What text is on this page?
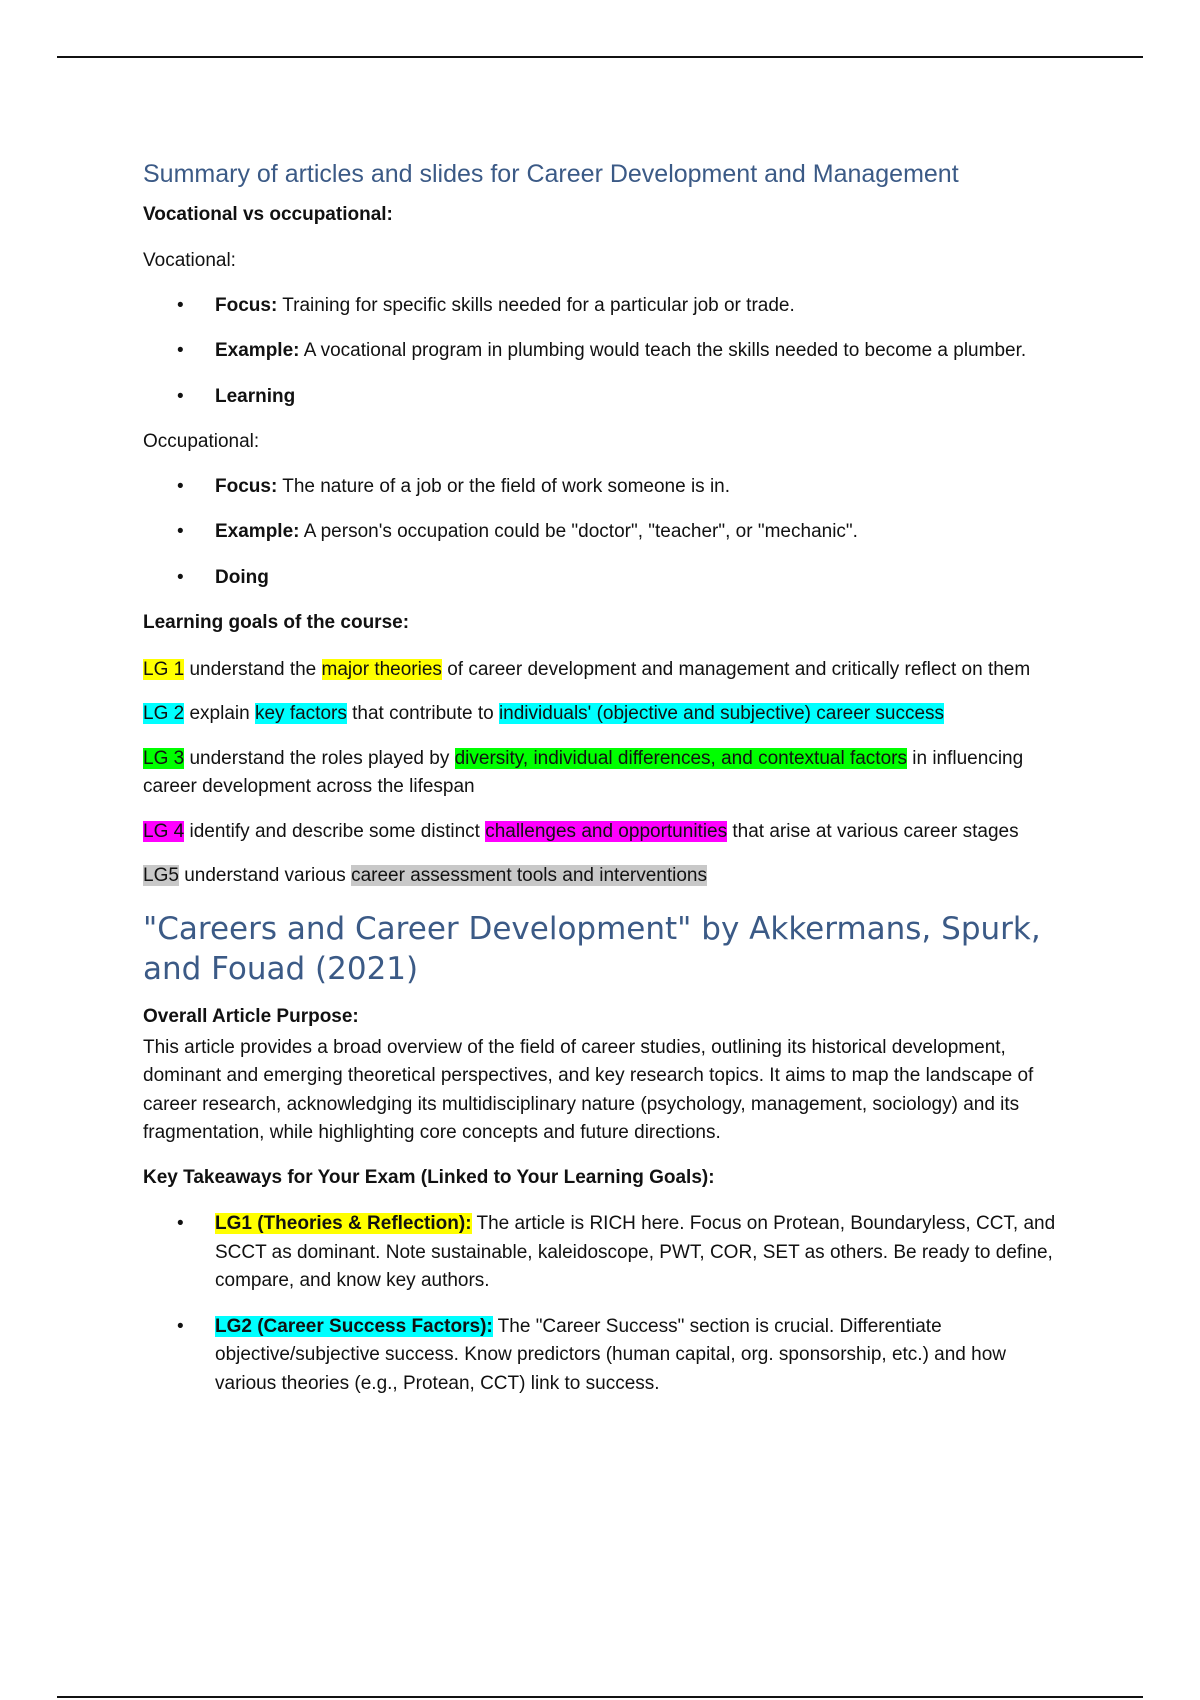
Summary of articles and slides for Career Development and Management

Vocational vs occupational:

Vocational:

• Focus: Training for specific skills needed for a particular job or trade.
• Example: A vocational program in plumbing would teach the skills needed to become a plumber.
• Learning

Occupational:

• Focus: The nature of a job or the field of work someone is in.
• Example: A person's occupation could be "doctor", "teacher", or "mechanic".
• Doing

Learning goals of the course:

LG 1 understand the major theories of career development and management and critically reflect on them

LG 2 explain key factors that contribute to individuals' (objective and subjective) career success

LG 3 understand the roles played by diversity, individual differences, and contextual factors in influencing career development across the lifespan

LG 4 identify and describe some distinct challenges and opportunities that arise at various career stages

LG5 understand various career assessment tools and interventions

"Careers and Career Development" by Akkermans, Spurk, and Fouad (2021)

Overall Article Purpose:

This article provides a broad overview of the field of career studies, outlining its historical development, dominant and emerging theoretical perspectives, and key research topics. It aims to map the landscape of career research, acknowledging its multidisciplinary nature (psychology, management, sociology) and its fragmentation, while highlighting core concepts and future directions.

Key Takeaways for Your Exam (Linked to Your Learning Goals):

• LG1 (Theories & Reflection): The article is RICH here. Focus on Protean, Boundaryless, CCT, and SCCT as dominant. Note sustainable, kaleidoscope, PWT, COR, SET as others. Be ready to define, compare, and know key authors.
• LG2 (Career Success Factors): The "Career Success" section is crucial. Differentiate objective/subjective success. Know predictors (human capital, org. sponsorship, etc.) and how various theories (e.g., Protean, CCT) link to success.
